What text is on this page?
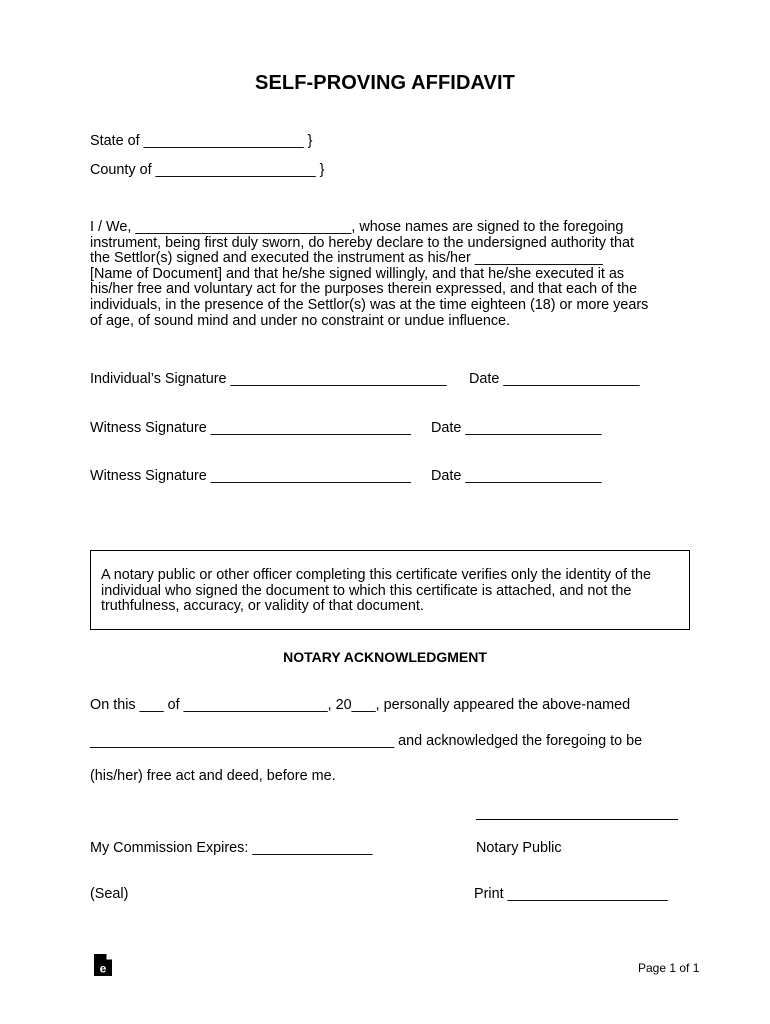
SELF-PROVING AFFIDAVIT
State of ____________________ }
County of ____________________ }
I / We, ___________________________, whose names are signed to the foregoing
instrument, being first duly sworn, do hereby declare to the undersigned authority that
the Settlor(s) signed and executed the instrument as his/her ________________
[Name of Document] and that he/she signed willingly, and that he/she executed it as
his/her free and voluntary act for the purposes therein expressed, and that each of the
individuals, in the presence of the Settlor(s) was at the time eighteen (18) or more years
of age, of sound mind and under no constraint or undue influence.
Individual’s Signature ___________________________ Date _________________
Witness Signature _________________________ Date _________________
Witness Signature _________________________ Date _________________
A notary public or other officer completing this certificate verifies only the identity of the
individual who signed the document to which this certificate is attached, and not the
truthfulness, accuracy, or validity of that document.
NOTARY ACKNOWLEDGMENT
On this ___ of __________________, 20___, personally appeared the above-named
______________________________________ and acknowledged the foregoing to be
(his/her) free act and deed, before me.
My Commission Expires: _______________	Notary Public
(Seal)	Print ____________________
e	Page 1 of 1
